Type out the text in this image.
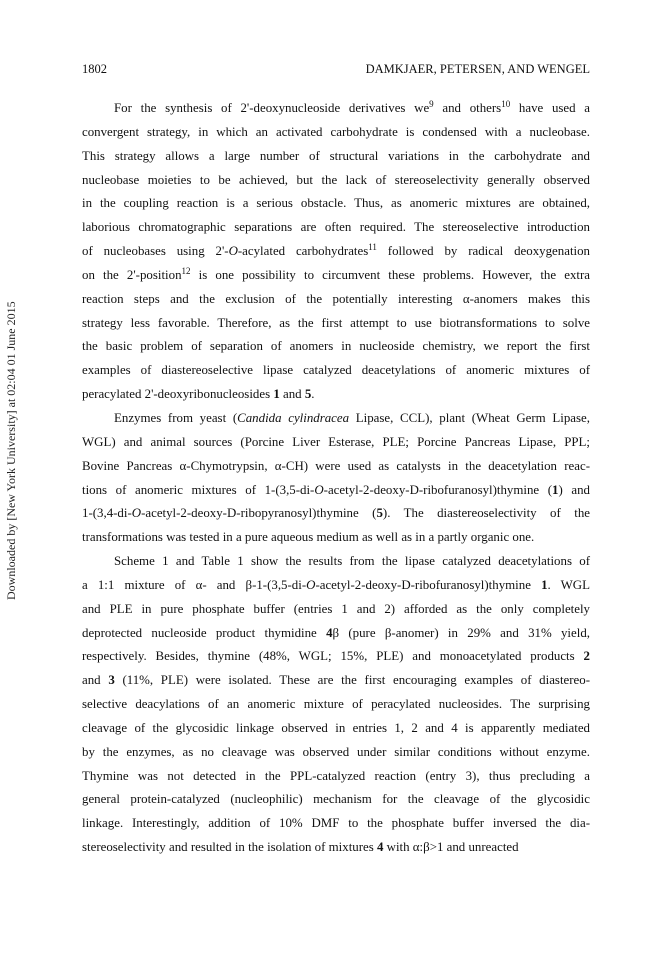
Downloaded by [New York University] at 02:04 01 June 2015
1802	DAMKJAER, PETERSEN, AND WENGEL
For the synthesis of 2'-deoxynucleoside derivatives $we^9$ and others$^{10}$ have used a
convergent strategy, in which an activated carbohydrate is condensed with a nucleobase.
This strategy allows a large number of structural variations in the carbohydrate and
nucleobase moieties to be achieved, but the lack of stereoselectivity generally observed
in the coupling reaction is a serious obstacle. Thus, as anomeric mixtures are obtained,
laborious chromatographic separations are often required. The stereoselective introduction
of nucleobases using 2'-O-acylated carbohydrates$^{11}$ followed by radical deoxygenation
on the 2'-position$^{12}$ is one possibility to circumvent these problems. However, the extra
reaction steps and the exclusion of the potentially interesting α-anomers makes this
strategy less favorable. Therefore, as the first attempt to use biotransformations to solve
the basic problem of separation of anomers in nucleoside chemistry, we report the first
examples of diastereoselective lipase catalyzed deacetylations of anomeric mixtures of
peracylated 2'-deoxyribonucleosides 1 and 5.
Enzymes from yeast (Candida cylindracea Lipase, CCL), plant (Wheat Germ Lipase,
WGL) and animal sources (Porcine Liver Esterase, PLE; Porcine Pancreas Lipase, PPL;
Bovine Pancreas α-Chymotrypsin, α-CH) were used as catalysts in the deacetylation reac-
tions of anomeric mixtures of 1-(3,5-di-O-acetyl-2-deoxy-D-ribofuranosyl)thymine (1) and
1-(3,4-di-O-acetyl-2-deoxy-D-ribopyranosyl)thymine (5). The diastereoselectivity of the
transformations was tested in a pure aqueous medium as well as in a partly organic one.
Scheme 1 and Table 1 show the results from the lipase catalyzed deacetylations of
a 1:1 mixture of α- and β-1-(3,5-di-O-acetyl-2-deoxy-D-ribofuranosyl)thymine 1. WGL
and PLE in pure phosphate buffer (entries 1 and 2) afforded as the only completely
deprotected nucleoside product thymidine 4β (pure β-anomer) in 29% and 31% yield,
respectively. Besides, thymine (48%, WGL; 15%, PLE) and monoacetylated products 2
and 3 (11%, PLE) were isolated. These are the first encouraging examples of diastereo-
selective deacylations of an anomeric mixture of peracylated nucleosides. The surprising
cleavage of the glycosidic linkage observed in entries 1, 2 and 4 is apparently mediated
by the enzymes, as no cleavage was observed under similar conditions without enzyme.
Thymine was not detected in the PPL-catalyzed reaction (entry 3), thus precluding a
general protein-catalyzed (nucleophilic) mechanism for the cleavage of the glycosidic
linkage. Interestingly, addition of 10% DMF to the phosphate buffer inversed the dia-
stereoselectivity and resulted in the isolation of mixtures 4 with α:β>1 and unreacted
